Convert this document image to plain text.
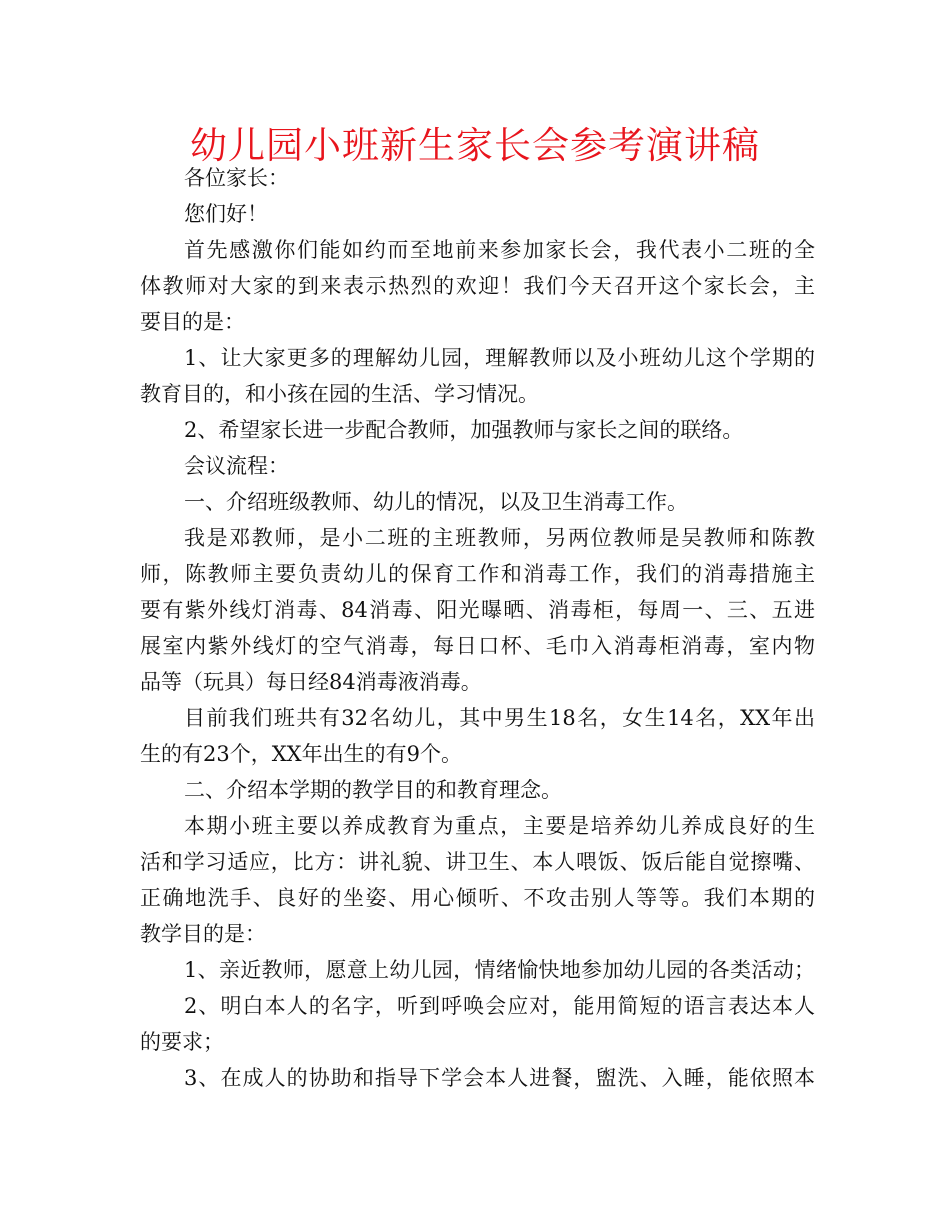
幼儿园小班新生家长会参考演讲稿
各位家长：
您们好！
首先感激你们能如约而至地前来参加家长会，我代表小二班的全
体教师对大家的到来表示热烈的欢迎！我们今天召开这个家长会，主
要目的是：
1、让大家更多的理解幼儿园，理解教师以及小班幼儿这个学期的
教育目的，和小孩在园的生活、学习情况。
2、希望家长进一步配合教师，加强教师与家长之间的联络。
会议流程：
一、介绍班级教师、幼儿的情况，以及卫生消毒工作。
我是邓教师，是小二班的主班教师，另两位教师是吴教师和陈教
师，陈教师主要负责幼儿的保育工作和消毒工作，我们的消毒措施主
要有紫外线灯消毒、84消毒、阳光曝晒、消毒柜，每周一、三、五进
展室内紫外线灯的空气消毒，每日口杯、毛巾入消毒柜消毒，室内物
品等（玩具）每日经84消毒液消毒。
目前我们班共有32名幼儿，其中男生18名，女生14名，XX年出
生的有23个，XX年出生的有9个。
二、介绍本学期的教学目的和教育理念。
本期小班主要以养成教育为重点，主要是培养幼儿养成良好的生
活和学习适应，比方：讲礼貌、讲卫生、本人喂饭、饭后能自觉擦嘴、
正确地洗手、良好的坐姿、用心倾听、不攻击别人等等。我们本期的
教学目的是：
1、亲近教师，愿意上幼儿园，情绪愉快地参加幼儿园的各类活动；
2、明白本人的名字，听到呼唤会应对，能用简短的语言表达本人
的要求；
3、在成人的协助和指导下学会本人进餐，盥洗、入睡，能依照本
